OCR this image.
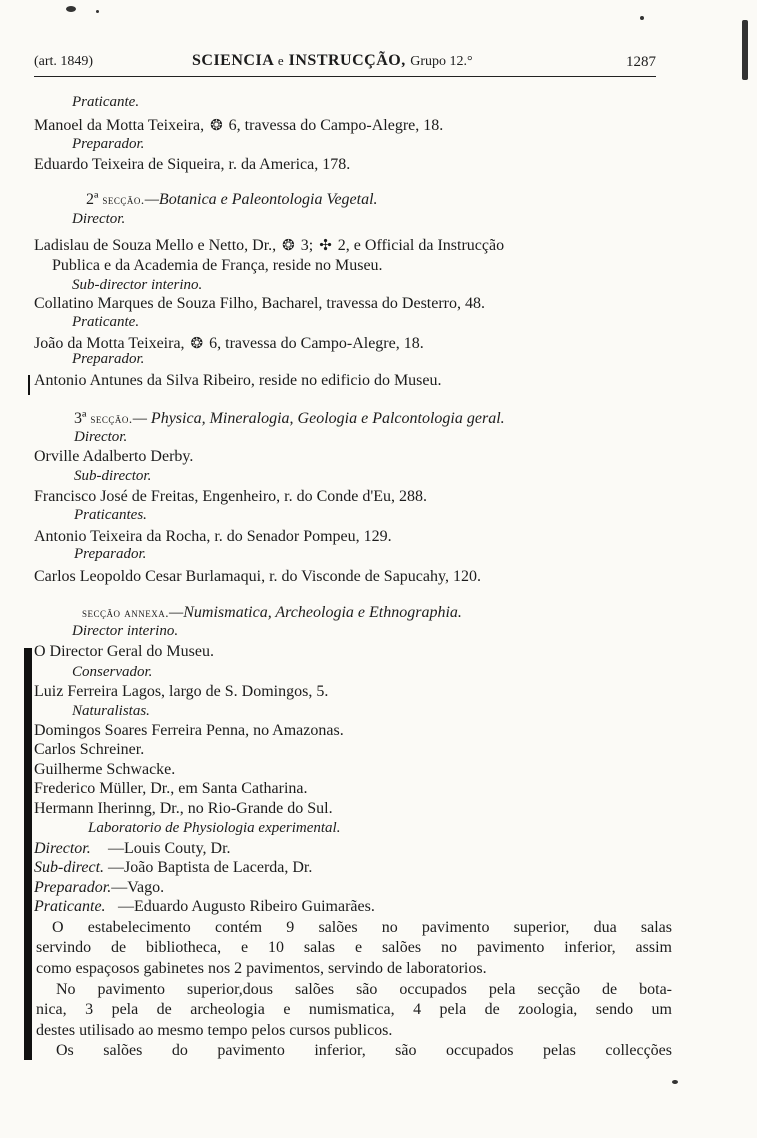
(art. 1849)	SCIENCIA e INSTRUCÇÃO, Grupo 12.°	1287
Praticante.
Manoel da Motta Teixeira, ❂ 6, travessa do Campo-Alegre, 18.
Preparador.
Eduardo Teixeira de Siqueira, r. da America, 178.
2ª secção.—Botanica e Paleontologia Vegetal.
Director.
Ladislau de Souza Mello e Netto, Dr., ❂ 3; ✣ 2, e Official da Instrucção
Publica e da Academia de França, reside no Museu.
Sub-director interino.
Collatino Marques de Souza Filho, Bacharel, travessa do Desterro, 48.
Praticante.
João da Motta Teixeira, ❂ 6, travessa do Campo-Alegre, 18.
Preparador.
Antonio Antunes da Silva Ribeiro, reside no edificio do Museu.
3ª secção.— Physica, Mineralogia, Geologia e Palcontologia geral.
Director.
Orville Adalberto Derby.
Sub-director.
Francisco José de Freitas, Engenheiro, r. do Conde d'Eu, 288.
Praticantes.
Antonio Teixeira da Rocha, r. do Senador Pompeu, 129.
Preparador.
Carlos Leopoldo Cesar Burlamaqui, r. do Visconde de Sapucahy, 120.
secção annexa.—Numismatica, Archeologia e Ethnographia.
Director interino.
O Director Geral do Museu.
Conservador.
Luiz Ferreira Lagos, largo de S. Domingos, 5.
Naturalistas.
Domingos Soares Ferreira Penna, no Amazonas.
Carlos Schreiner.
Guilherme Schwacke.
Frederico Müller, Dr., em Santa Catharina.
Hermann Iherinng, Dr., no Rio-Grande do Sul.
Laboratorio de Physiologia experimental.
Director. —Louis Couty, Dr.
Sub-direct. —João Baptista de Lacerda, Dr.
Preparador.—Vago.
Praticante. —Eduardo Augusto Ribeiro Guimarães.
O estabelecimento contém 9 salões no pavimento superior, dua salas
servindo de bibliotheca, e 10 salas e salões no pavimento inferior, assim
como espaçosos gabinetes nos 2 pavimentos, servindo de laboratorios.
No pavimento superior,dous salões são occupados pela secção de bota-
nica, 3 pela de archeologia e numismatica, 4 pela de zoologia, sendo um
destes utilisado ao mesmo tempo pelos cursos publicos.
Os salões do pavimento inferior, são occupados pelas collecções
